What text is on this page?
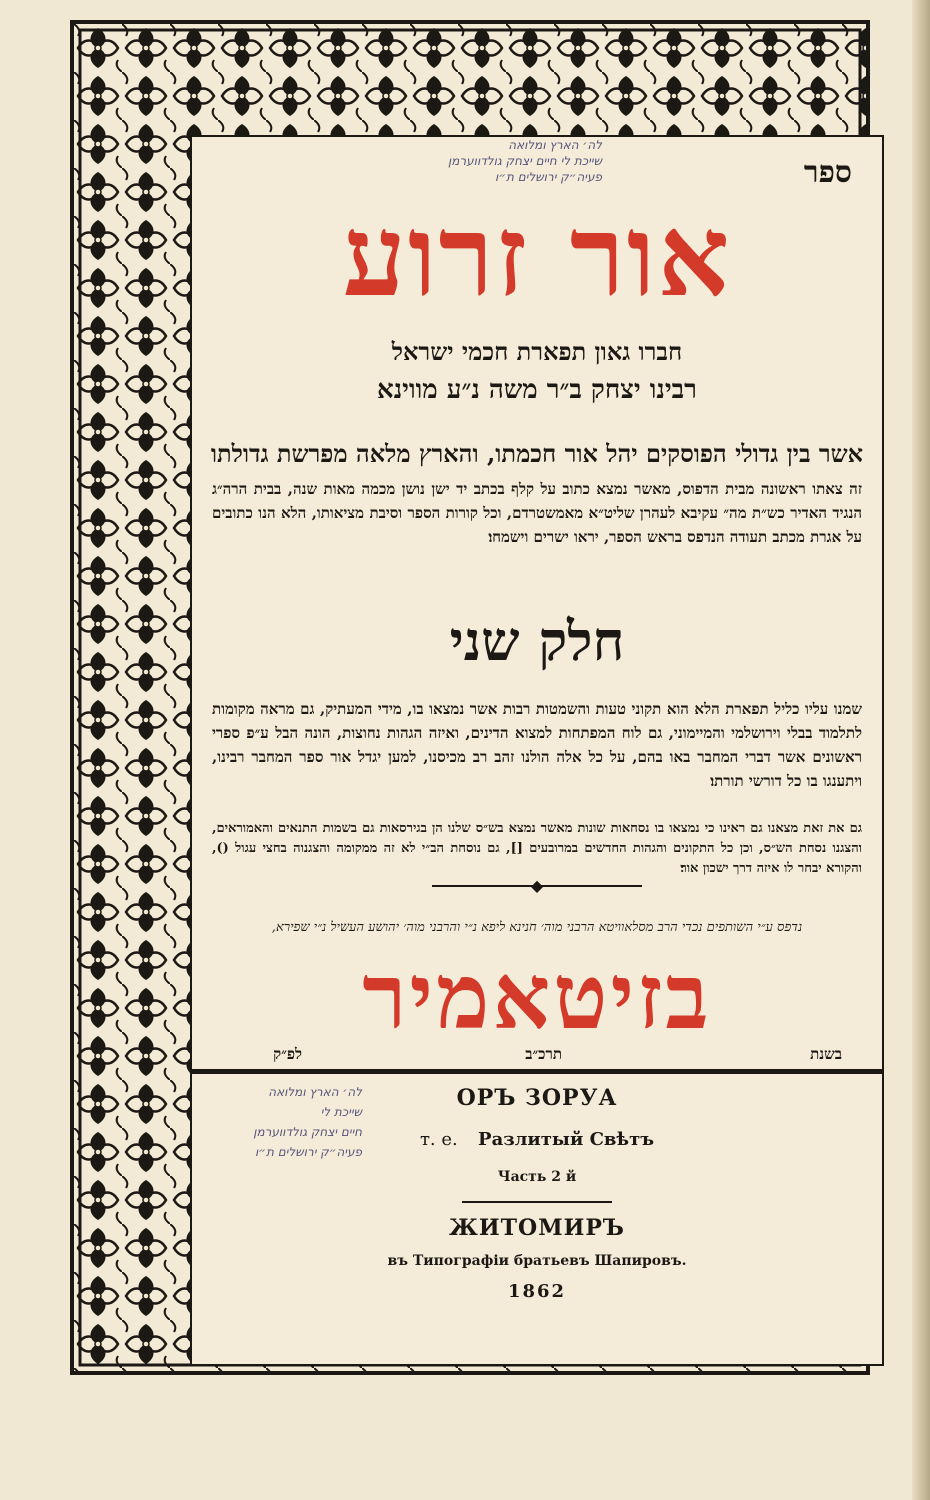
לה׳ הארץ ומלואה
שייכת לי חיים יצחק גולדווערמן
פעיה״ק ירושלים ת״ו	ספר
אור זרוע
חברו גאון תפארת חכמי ישראל
רבינו יצחק ב״ר משה נ״ע מווינא
אשר בין גדולי הפוסקים יהל אור חכמתו, והארץ מלאה מפרשת גדולתו
זה צאתו ראשונה מבית הדפוס, מאשר נמצא כתוב על קלף בכתב יד ישן נושן מכמה מאות שנה, בבית הרה״ג הנגיד האדיר כש״ת מה״ עקיבא לעהרן שליט״א מאמשטרדם, וכל קורות הספר וסיבת מציאותו, הלא הנו כתובים על אגרת מכתב תעודה הנדפס בראש הספר, יראו ישרים וישמחו׃
חלק שני
שמנו עליו כליל תפארת הלא הוא תקוני טעות והשמטות רבות אשר נמצאו בו, מידי המעתיק, גם מראה מקומות לתלמוד בבלי וירושלמי והמיימוני, גם לוח המפתחות למצוא הדינים, ואיזה הגהות נחוצות, הונה הבל ע״פ ספרי ראשונים אשר דברי המחבר באו בהם, על כל אלה הולנו זהב רב מכיסנו, למען יגדל אור ספר המחבר רבינו, ויתענגו בו כל דורשי תורתו׃
גם את זאת מצאנו גם ראינו כי נמצאו בו נסחאות שונות מאשר נמצא בש״ס שלנו הן בגירסאות גם בשמות התנאים והאמוראים, והצגנו נסחת הש״ס, וכן כל התקונים והגהות החדשים במרובעים [], גם נוסחת הב״י לא זה ממקומה והצגנוה בחצי עגול (), והקורא יבחר לו איזה דרך ישכון אור׃
◆
נדפס ע״י השותפים נכדי הרב מסלאוויטא הרבני מוה׳ חנינא ליפא נ״י והרבני מוה׳ יהושע העשיל נ״י שפירא,
בזיטאמיר
בשנת
תרכ״ב
לפ״ק
ОРЪ ЗОРУА
т. е. Разлитый Свѣтъ
Часть 2 й
ЖИТОМИРЪ
въ Типографіи братьевъ Шапировъ.
1862
לה׳ הארץ ומלואה
שייכת לי
חיים יצחק גולדווערמן
פעיה״ק ירושלים ת״ו
